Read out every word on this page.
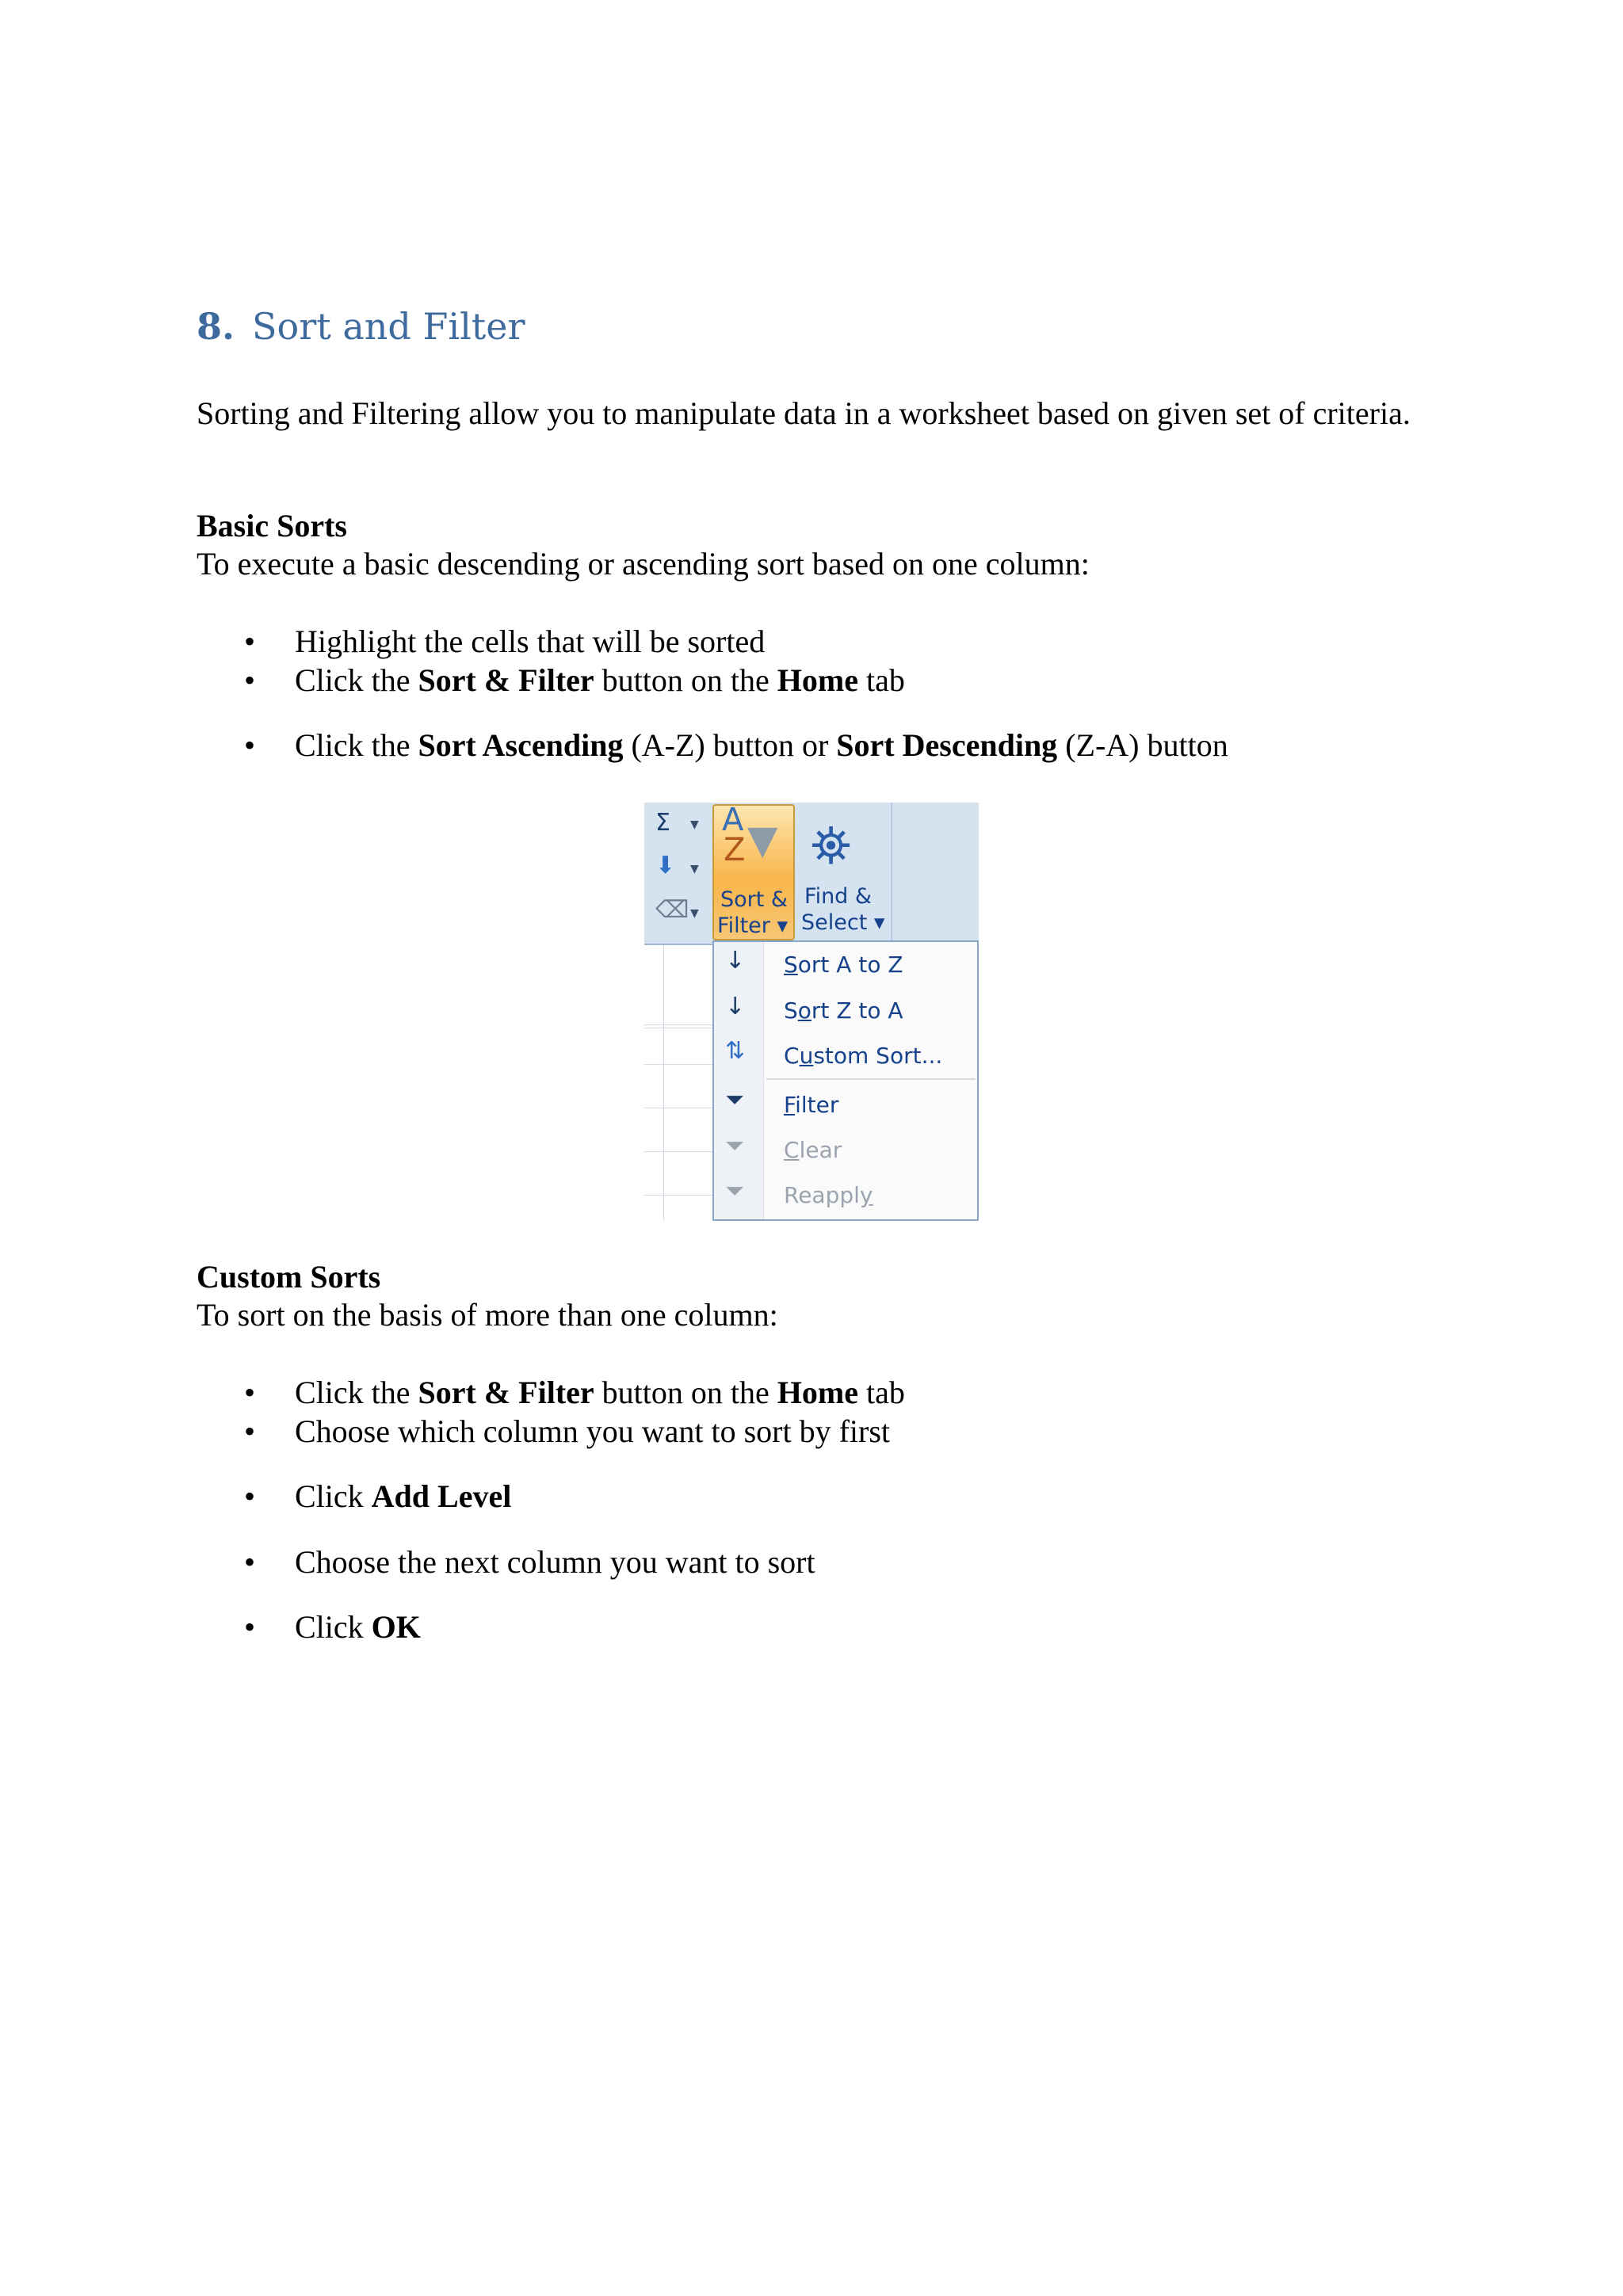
8. Sort and Filter
Sorting and Filtering allow you to manipulate data in a worksheet based on given set of criteria.
Basic Sorts
To execute a basic descending or ascending sort based on one column:
• Highlight the cells that will be sorted
• Click the Sort & Filter button on the Home tab
• Click the Sort Ascending (A-Z) button or Sort Descending (Z-A) button
Σ ▼
⬇ ▼
⌫ ▼
A
Z ▼
Sort &
Filter ▾
⛯
Find &
Select ▾
↓ Sort A to Z
↓ Sort Z to A
⇅ Custom Sort...
⏷ Filter
⏷ Clear
⏷ Reapply
Custom Sorts
To sort on the basis of more than one column:
• Click the Sort & Filter button on the Home tab
• Choose which column you want to sort by first
• Click Add Level
• Choose the next column you want to sort
• Click OK
